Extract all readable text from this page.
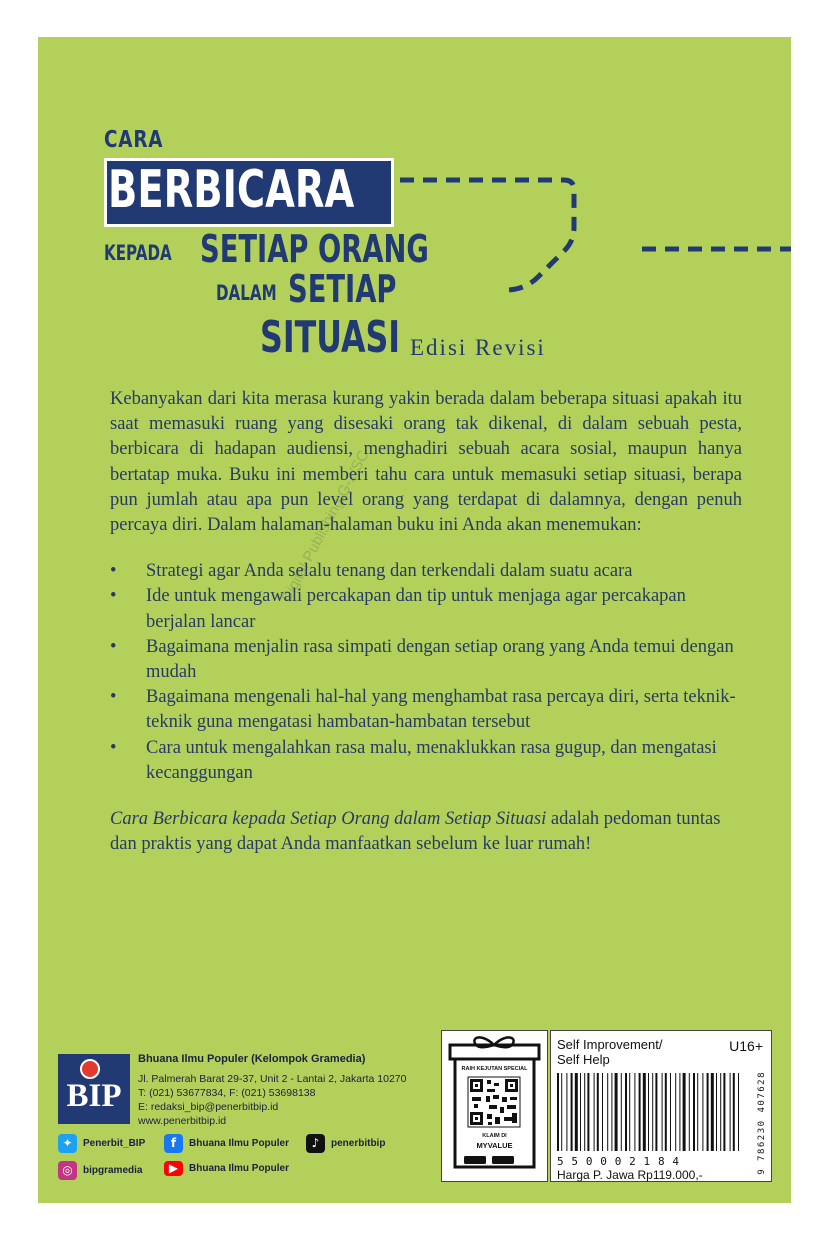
CARA
BERBICARA
KEPADA SETIAP ORANG
DALAM SETIAP
SITUASI Edisi Revisi
Digital Publishing G-2/SC

Kebanyakan dari kita merasa kurang yakin berada dalam beberapa situasi apakah itu saat memasuki ruang yang disesaki orang tak dikenal, di dalam sebuah pesta, berbicara di hadapan audiensi, menghadiri sebuah acara sosial, maupun hanya bertatap muka. Buku ini memberi tahu cara untuk memasuki setiap situasi, berapa pun jumlah atau apa pun level orang yang terdapat di dalamnya, dengan penuh percaya diri. Dalam halaman-halaman buku ini Anda akan menemukan:

• Strategi agar Anda selalu tenang dan terkendali dalam suatu acara
• Ide untuk mengawali percakapan dan tip untuk menjaga agar percakapan berjalan lancar
• Bagaimana menjalin rasa simpati dengan setiap orang yang Anda temui dengan mudah
• Bagaimana mengenali hal-hal yang menghambat rasa percaya diri, serta teknik-teknik guna mengatasi hambatan-hambatan tersebut
• Cara untuk mengalahkan rasa malu, menaklukkan rasa gugup, dan mengatasi kecanggungan

Cara Berbicara kepada Setiap Orang dalam Setiap Situasi adalah pedoman tuntas dan praktis yang dapat Anda manfaatkan sebelum ke luar rumah!

BIP
Bhuana Ilmu Populer (Kelompok Gramedia)
Jl. Palmerah Barat 29-37, Unit 2 - Lantai 2, Jakarta 10270
T: (021) 53677834, F: (021) 53698138
E: redaksi_bip@penerbitbip.id
www.penerbitbip.id
✦	Penerbit_BIP	f	Bhuana Ilmu Populer	♪	penerbitbip
◎	bipgramedia	▶	Bhuana Ilmu Populer
RAIH KEJUTAN SPECIAL
KLAIM DI
MYVALUE
Self Improvement/
Self Help
U16+
550002184	9 786230 407628
Harga P. Jawa Rp119.000,-
